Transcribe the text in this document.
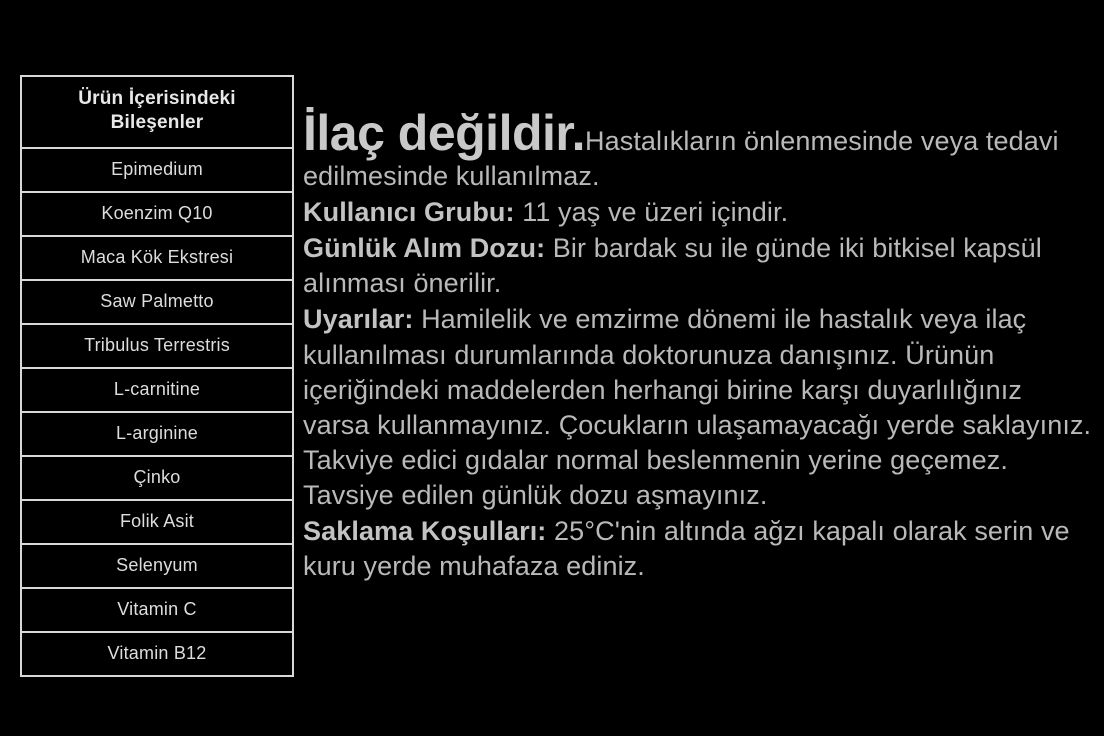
Ürün İçerisindeki Bileşenler
Epimedium
Koenzim Q10
Maca Kök Ekstresi
Saw Palmetto
Tribulus Terrestris
L-carnitine
L-arginine
Çinko
Folik Asit
Selenyum
Vitamin C
Vitamin B12

İlaç değildir.Hastalıkların önlenmesinde veya tedavi edilmesinde kullanılmaz.

Kullanıcı Grubu: 11 yaş ve üzeri içindir.

Günlük Alım Dozu: Bir bardak su ile günde iki bitkisel kapsül alınması önerilir.

Uyarılar: Hamilelik ve emzirme dönemi ile hastalık veya ilaç kullanılması durumlarında doktorunuza danışınız. Ürünün içeriğindeki maddelerden herhangi birine karşı duyarlılığınız varsa kullanmayınız. Çocukların ulaşamayacağı yerde saklayınız. Takviye edici gıdalar normal beslenmenin yerine geçemez. Tavsiye edilen günlük dozu aşmayınız.

Saklama Koşulları: 25°C'nin altında ağzı kapalı olarak serin ve kuru yerde muhafaza ediniz.
